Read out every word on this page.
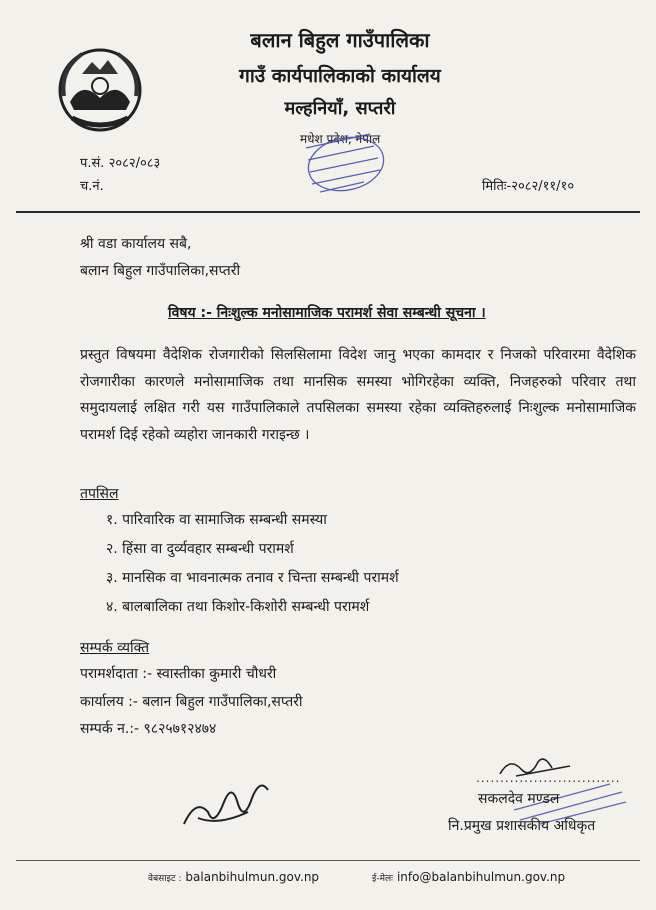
बलान बिहुल गाउँपालिका
गाउँ कार्यपालिकाको कार्यालय
मल्हनियाँ, सप्तरी
मधेश प्रदेश, नेपाल
प.सं. २०८२/०८३
च.नं.	मितिः-२०८२/११/१०
श्री वडा कार्यालय सबै,
बलान बिहुल गाउँपालिका,सप्तरी
विषय :- निःशुल्क मनोसामाजिक परामर्श सेवा सम्बन्धी सूचना ।
प्रस्तुत विषयमा वैदेशिक रोजगारीको सिलसिलामा विदेश जानु भएका कामदार र निजको परिवारमा वैदेशिक रोजगारीका कारणले मनोसामाजिक तथा मानसिक समस्या भोगिरहेका व्यक्ति, निजहरुको परिवार तथा समुदायलाई लक्षित गरी यस गाउँपालिकाले तपसिलका समस्या रहेका व्यक्तिहरुलाई निःशुल्क मनोसामाजिक परामर्श दिई रहेको व्यहोरा जानकारी गराइन्छ ।
तपसिल
१. पारिवारिक वा सामाजिक सम्बन्धी समस्या
२. हिंसा वा दुर्व्यवहार सम्बन्धी परामर्श
३. मानसिक वा भावनात्मक तनाव र चिन्ता सम्बन्धी परामर्श
४. बालबालिका तथा किशोर-किशोरी सम्बन्धी परामर्श
सम्पर्क व्यक्ति
परामर्शदाता :- स्वास्तीका कुमारी चौधरी
कार्यालय :- बलान बिहुल गाउँपालिका,सप्तरी
सम्पर्क न.:- ९८२५७१२४७४
..............................
सकलदेव मण्डल
नि.प्रमुख प्रशासकीय अधिकृत
वेबसाइट : balanbihulmun.gov.np	ई-मेलः info@balanbihulmun.gov.np
